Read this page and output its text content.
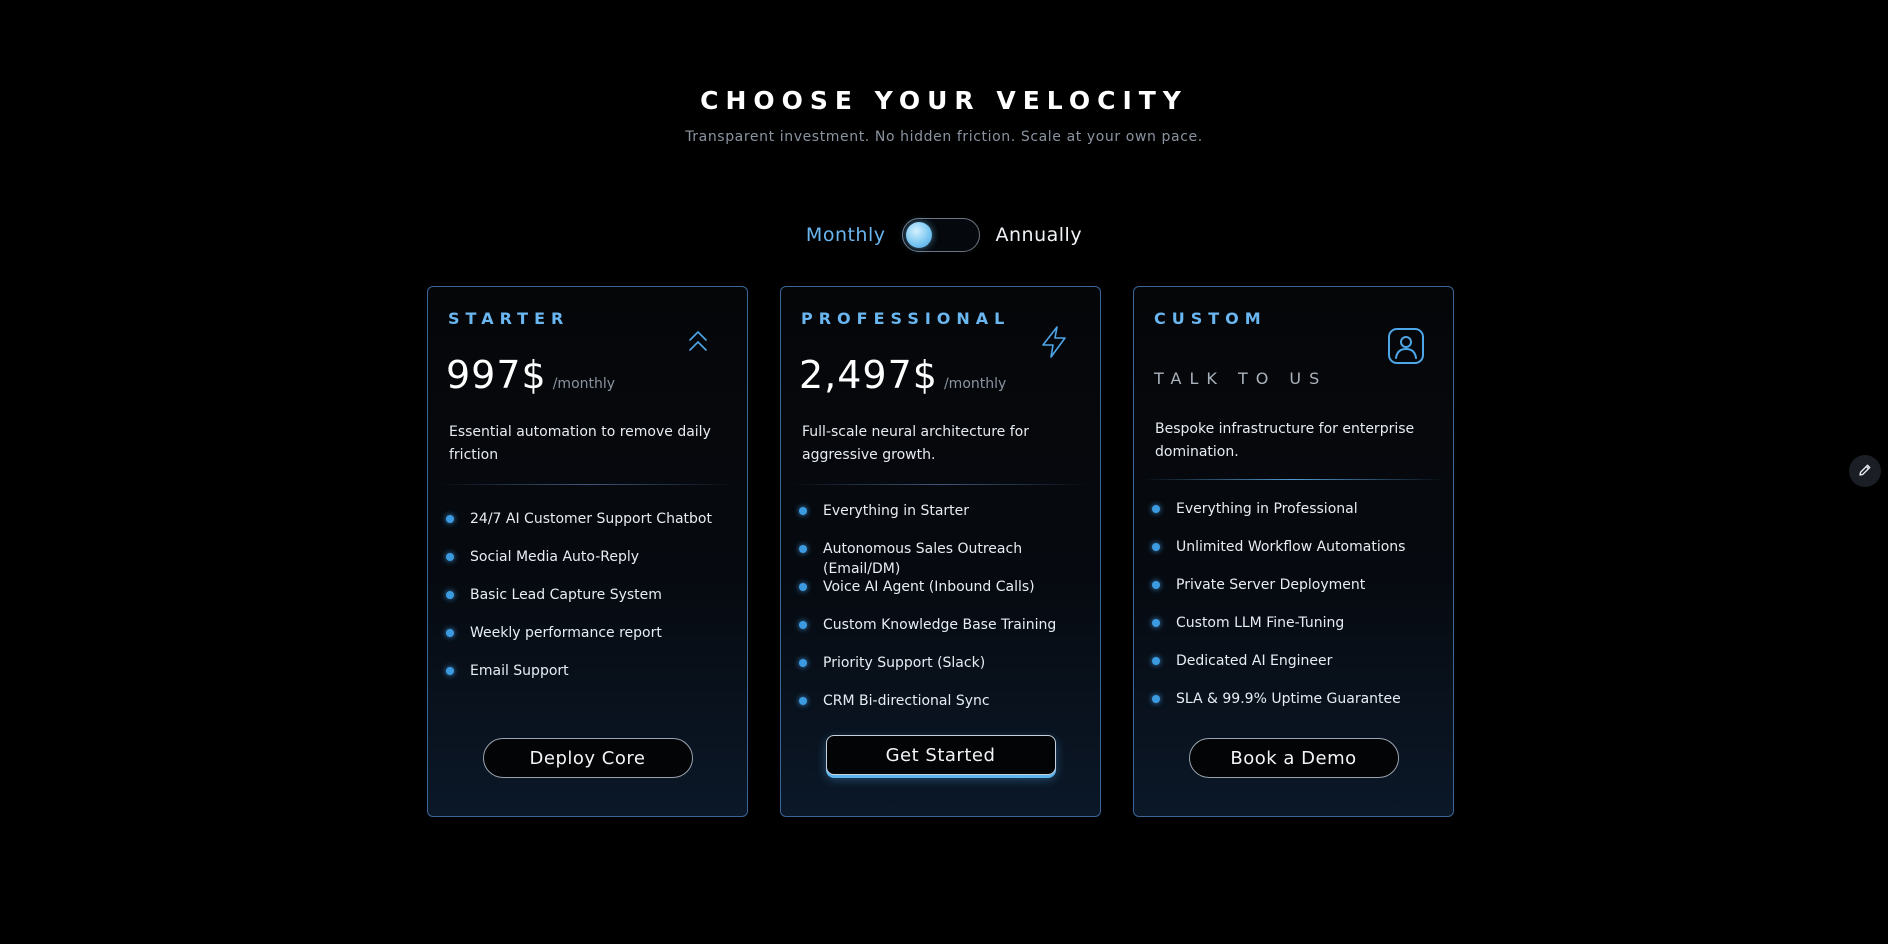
CHOOSE YOUR VELOCITY
Transparent investment. No hidden friction. Scale at your own pace.
Monthly	Annually
STARTER
997$ /monthly
Essential automation to remove daily friction
24/7 AI Customer Support Chatbot
Social Media Auto-Reply
Basic Lead Capture System
Weekly performance report
Email Support
Deploy Core
PROFESSIONAL
2,497$ /monthly
Full-scale neural architecture for aggressive growth.
Everything in Starter
Autonomous Sales Outreach (Email/DM)
Voice AI Agent (Inbound Calls)
Custom Knowledge Base Training
Priority Support (Slack)
CRM Bi-directional Sync
Get Started
CUSTOM
TALK TO US
Bespoke infrastructure for enterprise domination.
Everything in Professional
Unlimited Workflow Automations
Private Server Deployment
Custom LLM Fine-Tuning
Dedicated AI Engineer
SLA & 99.9% Uptime Guarantee
Book a Demo
